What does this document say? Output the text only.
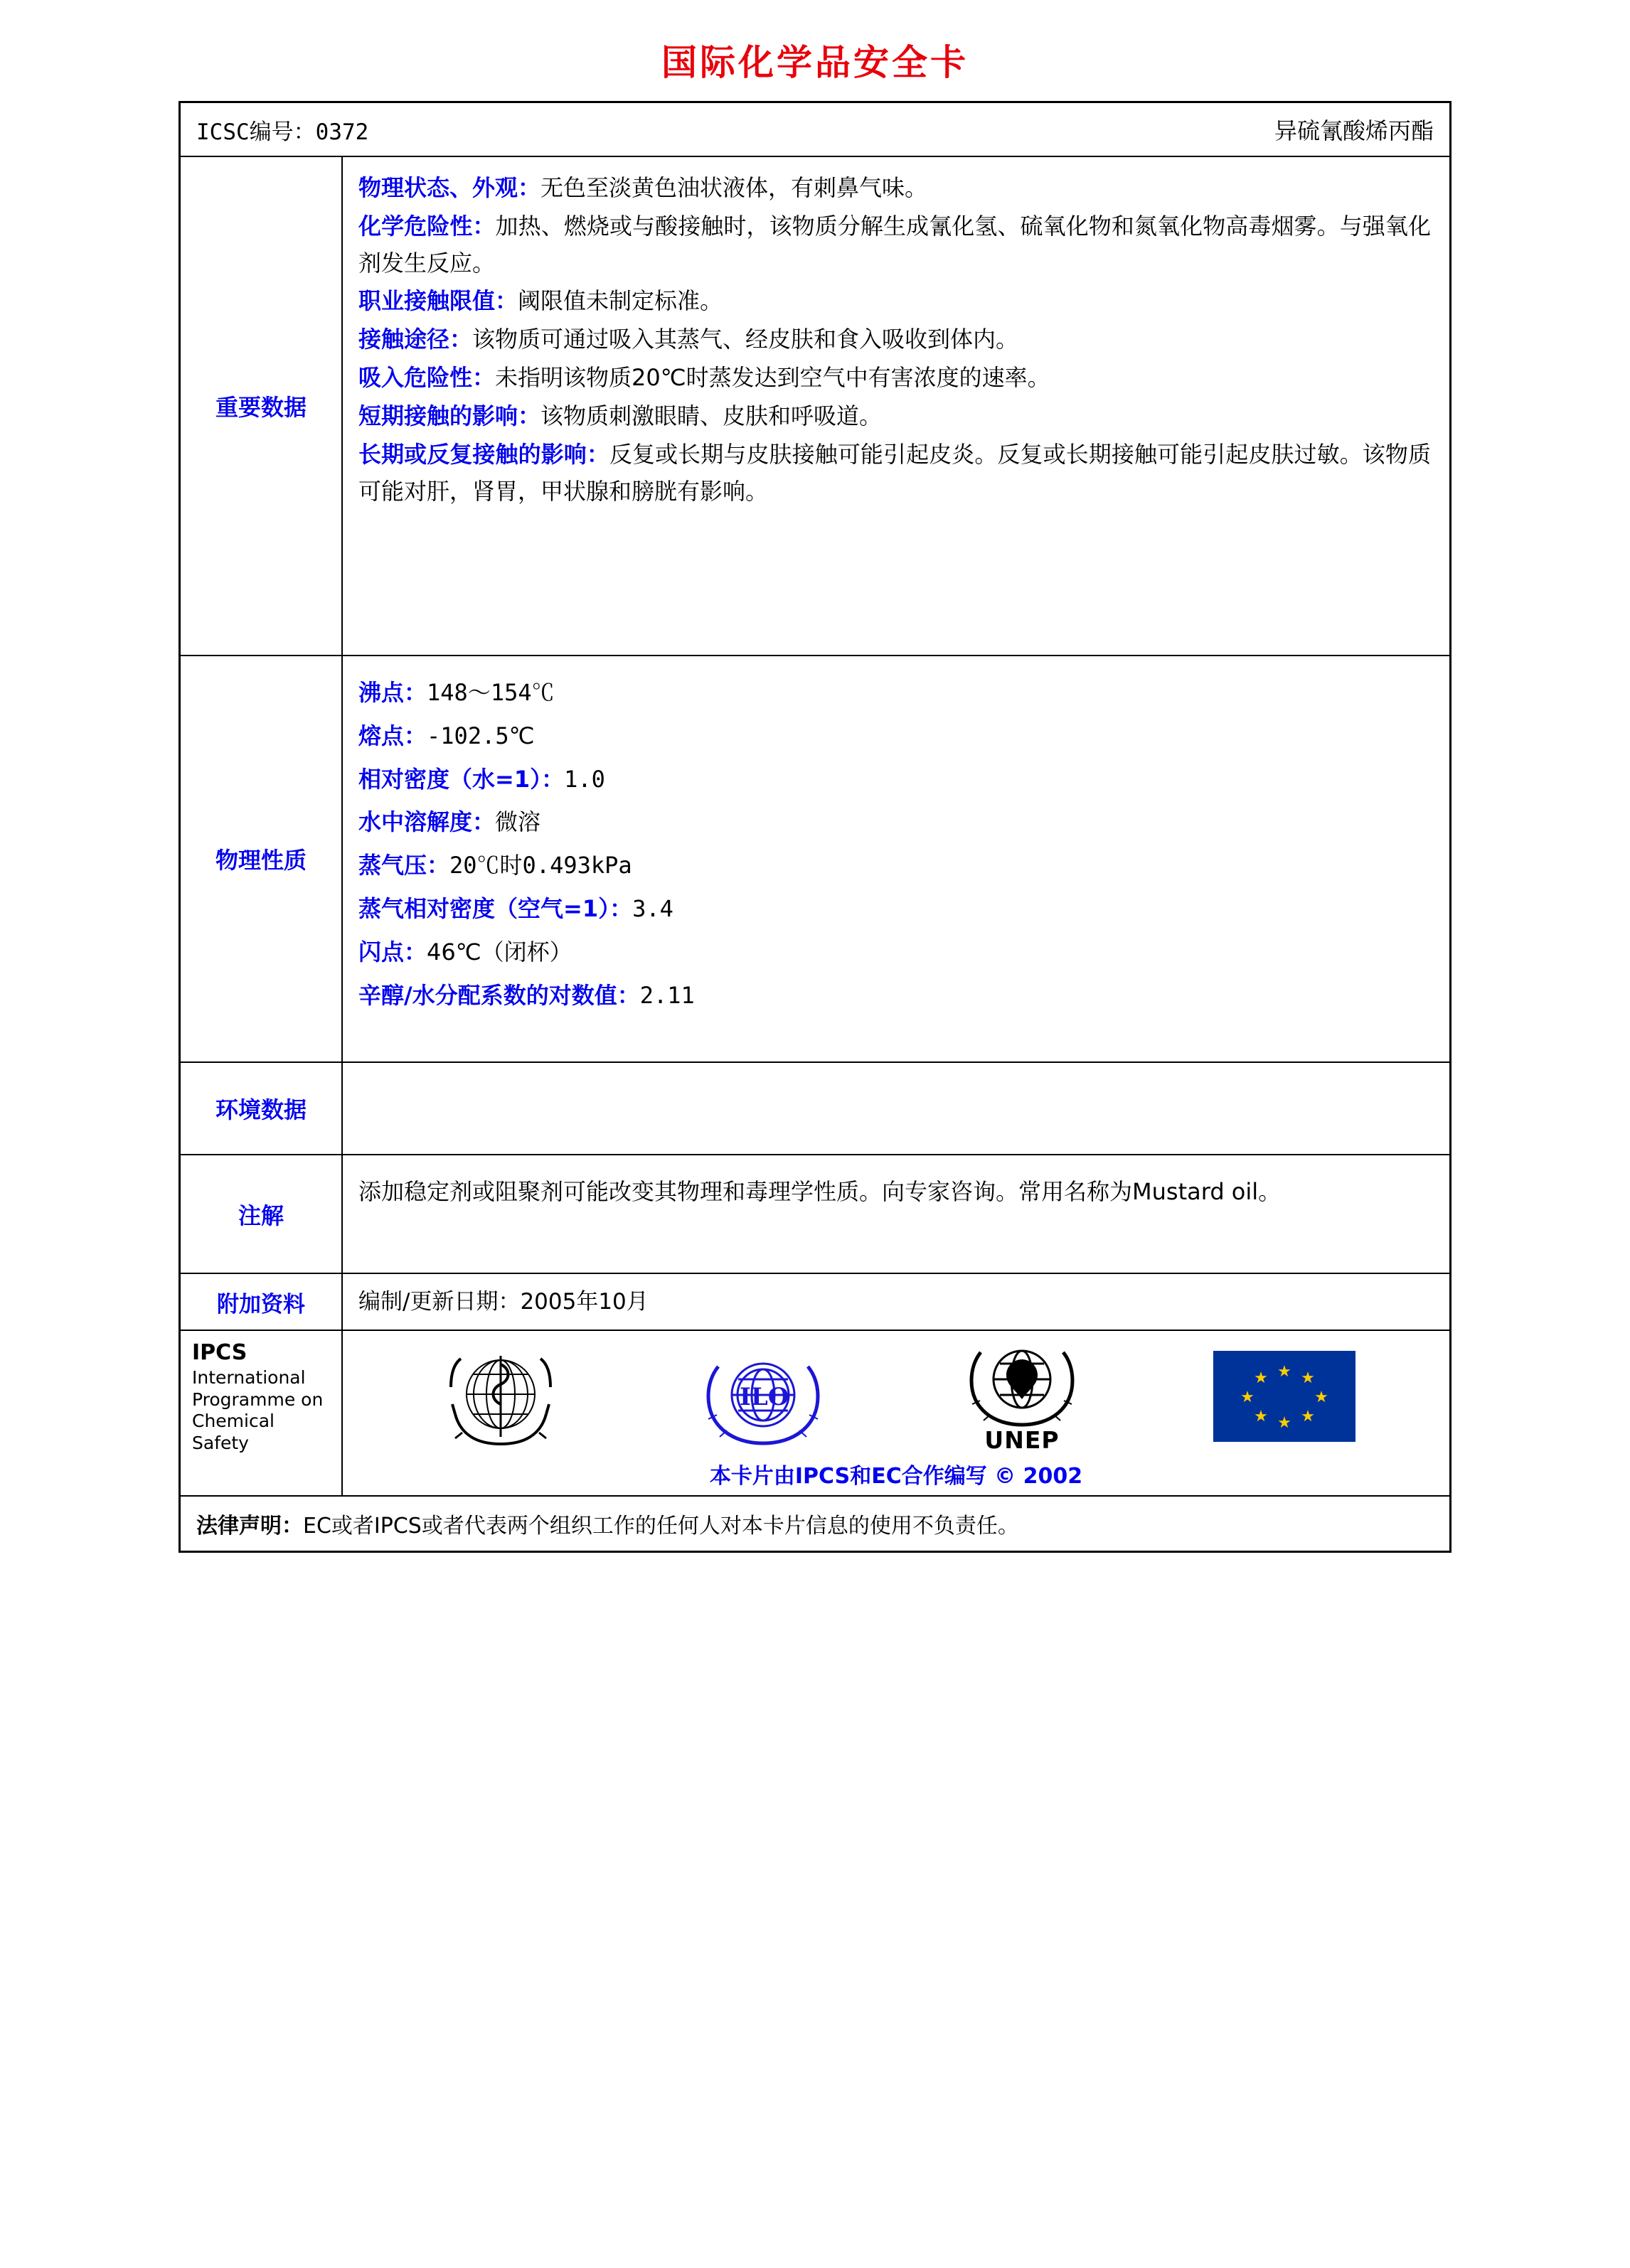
国际化学品安全卡
ICSC编号：0372	异硫氰酸烯丙酯
重要数据
物理状态、外观：无色至淡黄色油状液体，有刺鼻气味。
化学危险性：加热、燃烧或与酸接触时，该物质分解生成氰化氢、硫氧化物和氮氧化物高毒烟雾。与强氧化剂发生反应。
职业接触限值：阈限值未制定标准。
接触途径：该物质可通过吸入其蒸气、经皮肤和食入吸收到体内。
吸入危险性：未指明该物质20℃时蒸发达到空气中有害浓度的速率。
短期接触的影响：该物质刺激眼睛、皮肤和呼吸道。
长期或反复接触的影响：反复或长期与皮肤接触可能引起皮炎。反复或长期接触可能引起皮肤过敏。该物质可能对肝，肾胃，甲状腺和膀胱有影响。
物理性质
沸点：148～154℃
熔点：-102.5℃
相对密度（水=1）：1.0
水中溶解度：微溶
蒸气压：20℃时0.493kPa
蒸气相对密度（空气=1）：3.4
闪点：46℃（闭杯）
辛醇/水分配系数的对数值：2.11
环境数据
注解
添加稳定剂或阻聚剂可能改变其物理和毒理学性质。向专家咨询。常用名称为Mustard oil。
附加资料	编制/更新日期：2005年10月
IPCS
International Programme on Chemical Safety
ILO
UNEP
★ ★
★
★
★
★
★
★
本卡片由IPCS和EC合作编写 © 2002
法律声明：EC或者IPCS或者代表两个组织工作的任何人对本卡片信息的使用不负责任。
